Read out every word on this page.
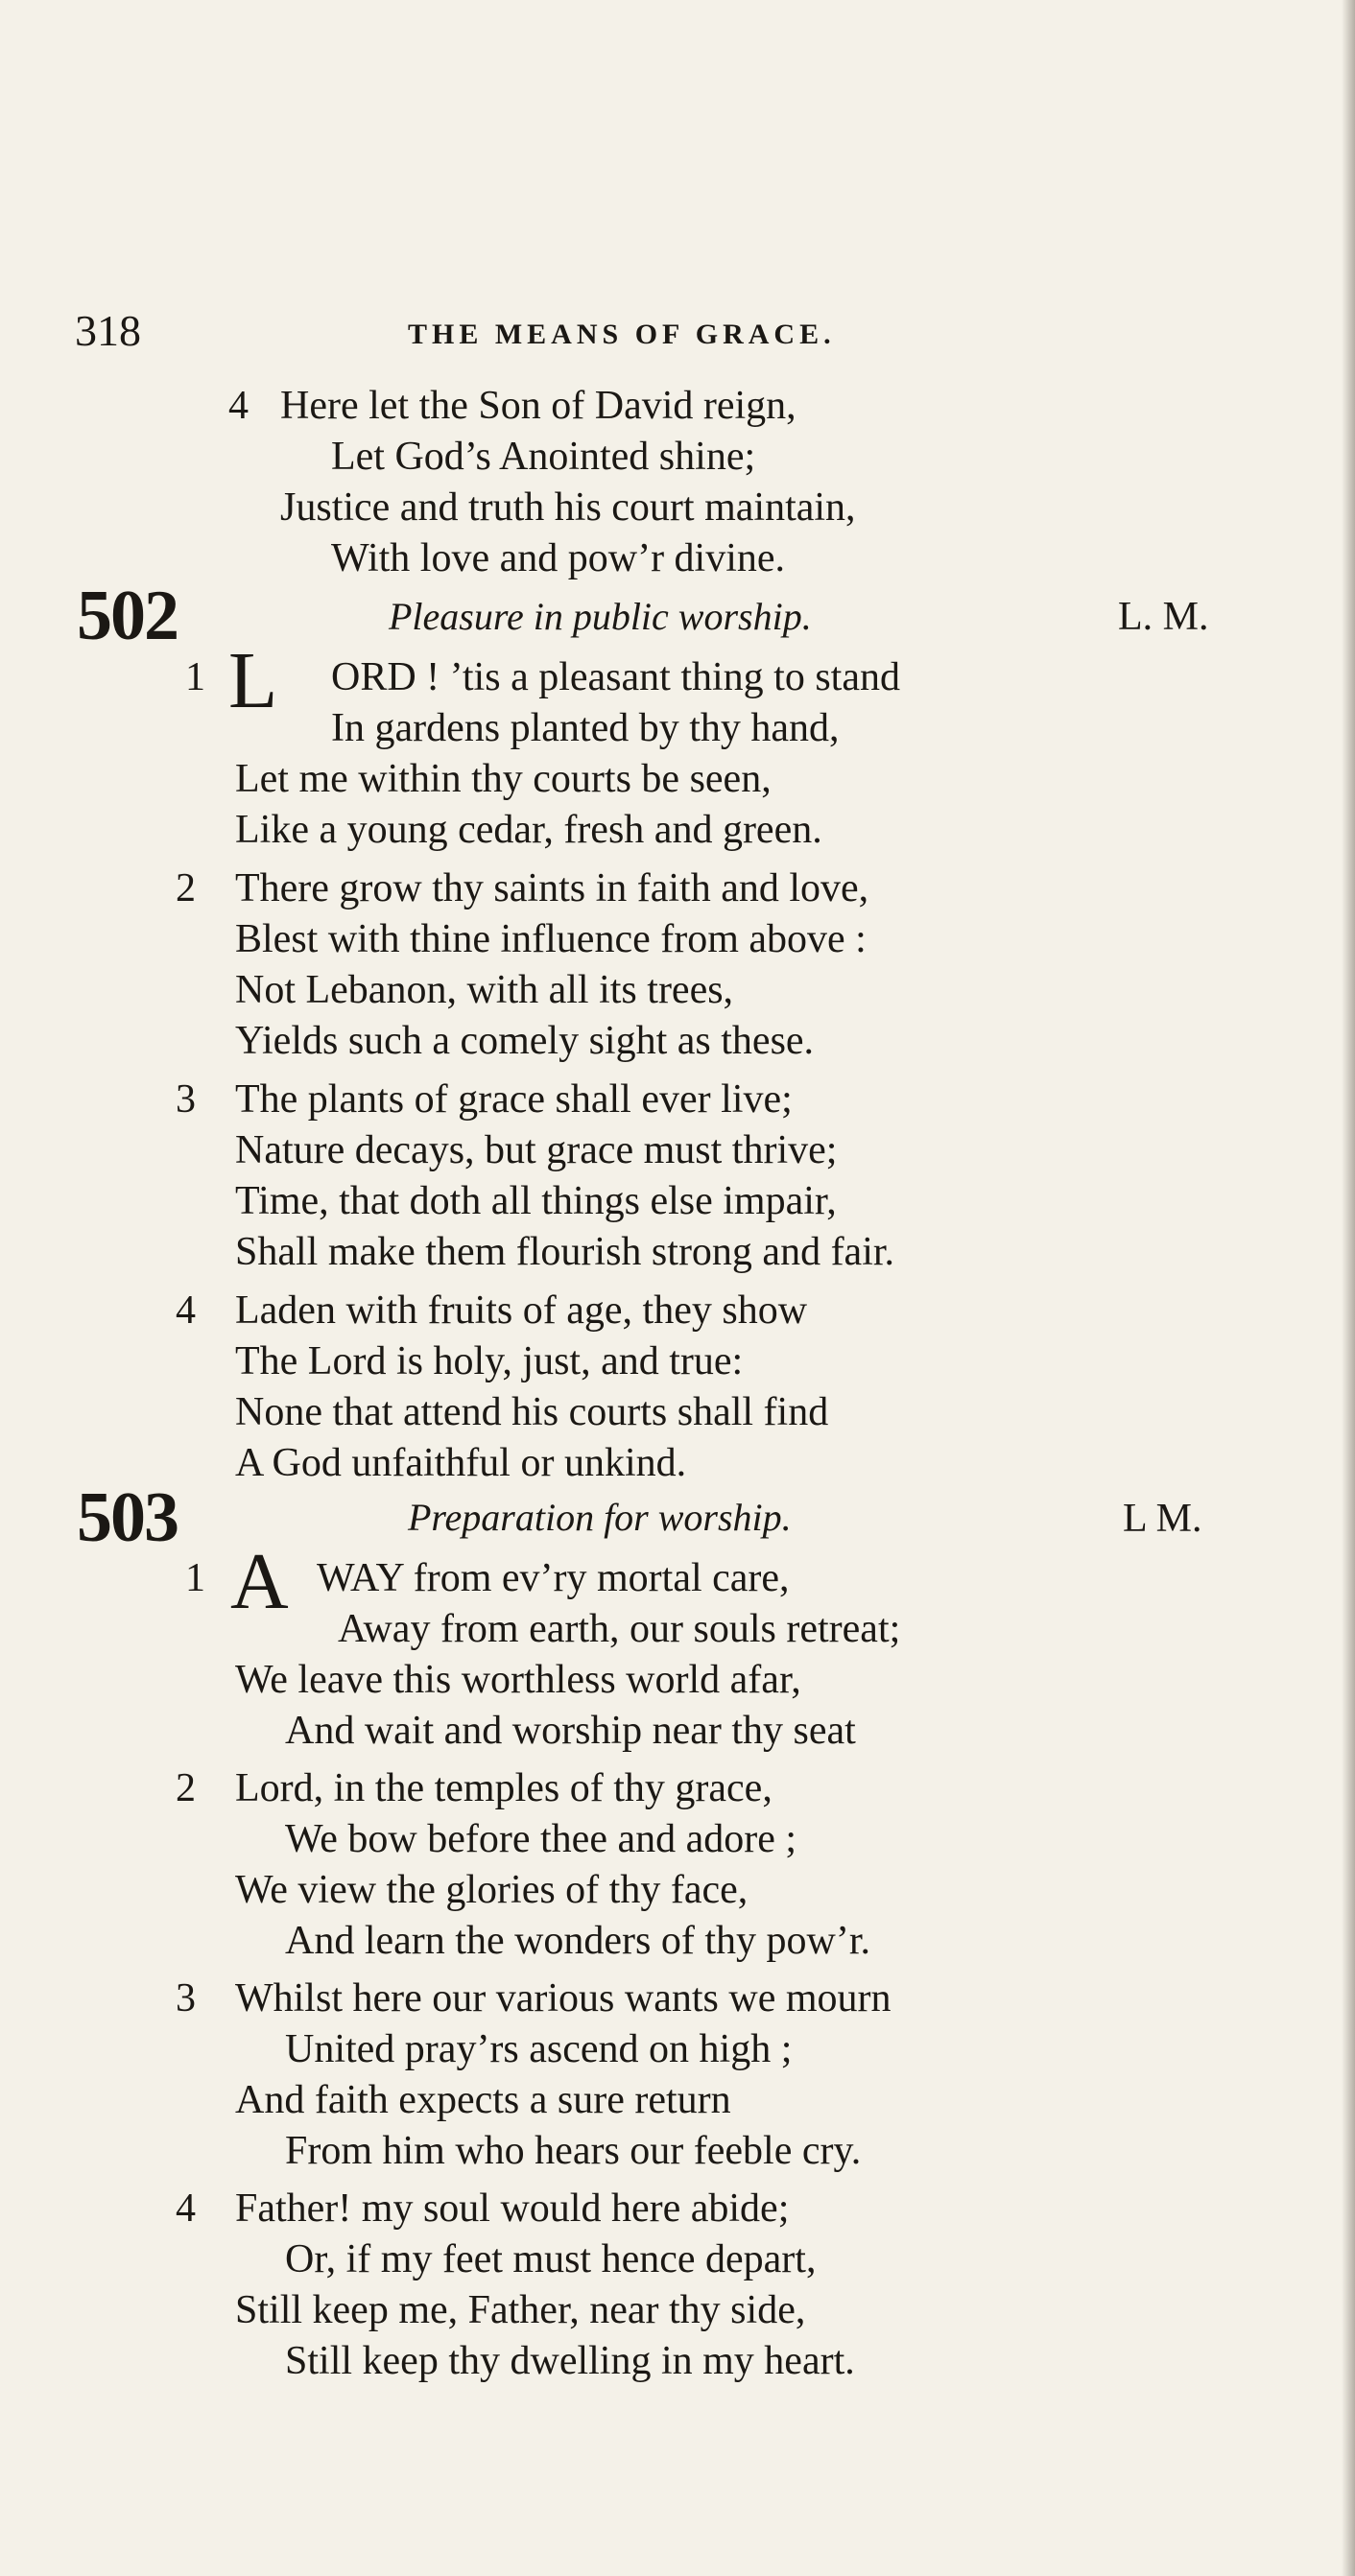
318	THE MEANS OF GRACE.
4 Here let the Son of David reign,
Let God’s Anointed shine;
Justice and truth his court maintain,
With love and pow’r divine.
502	Pleasure in public worship.	L. M.
1 L ORD ! ’tis a pleasant thing to stand
In gardens planted by thy hand,
Let me within thy courts be seen,
Like a young cedar, fresh and green.
2 There grow thy saints in faith and love,
Blest with thine influence from above :
Not Lebanon, with all its trees,
Yields such a comely sight as these.
3 The plants of grace shall ever live;
Nature decays, but grace must thrive;
Time, that doth all things else impair,
Shall make them flourish strong and fair.
4 Laden with fruits of age, they show
The Lord is holy, just, and true:
None that attend his courts shall find
A God unfaithful or unkind.
503	Preparation for worship.	L M.
1 A WAY from ev’ry mortal care,
Away from earth, our souls retreat;
We leave this worthless world afar,
And wait and worship near thy seat
2 Lord, in the temples of thy grace,
We bow before thee and adore ;
We view the glories of thy face,
And learn the wonders of thy pow’r.
3 Whilst here our various wants we mourn
United pray’rs ascend on high ;
And faith expects a sure return
From him who hears our feeble cry.
4 Father! my soul would here abide;
Or, if my feet must hence depart,
Still keep me, Father, near thy side,
Still keep thy dwelling in my heart.
